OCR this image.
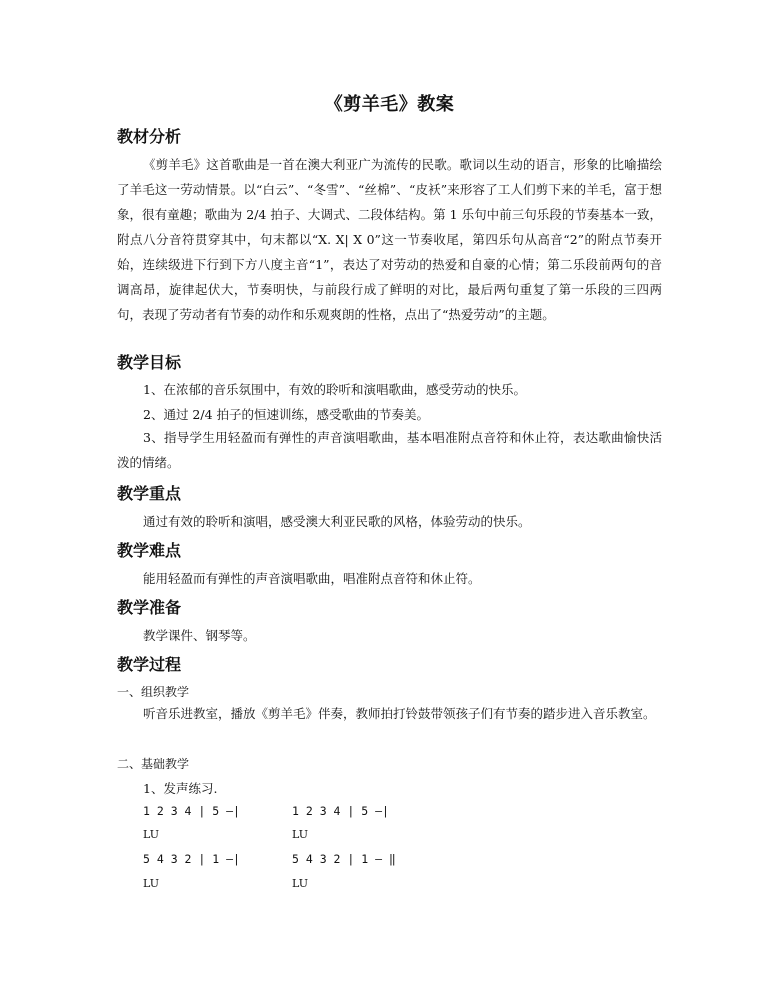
《剪羊毛》教案
教材分析

《剪羊毛》这首歌曲是一首在澳大利亚广为流传的民歌。歌词以生动的语言，形象的比喻描绘了羊毛这一劳动情景。以“白云”、“冬雪”、“丝棉”、“皮袄”来形容了工人们剪下来的羊毛，富于想象，很有童趣；歌曲为 2/4 拍子、大调式、二段体结构。第 1 乐句中前三句乐段的节奏基本一致，附点八分音符贯穿其中，句末都以“X. X| X 0”这一节奏收尾，第四乐句从高音“2”的附点节奏开始，连续级进下行到下方八度主音“1”，表达了对劳动的热爱和自豪的心情；第二乐段前两句的音调高昂，旋律起伏大，节奏明快，与前段行成了鲜明的对比，最后两句重复了第一乐段的三四两句，表现了劳动者有节奏的动作和乐观爽朗的性格，点出了“热爱劳动”的主题。

教学目标
1、在浓郁的音乐氛围中，有效的聆听和演唱歌曲，感受劳动的快乐。
2、通过 2/4 拍子的恒速训练，感受歌曲的节奏美。

3、指导学生用轻盈而有弹性的声音演唱歌曲，基本唱准附点音符和休止符，表达歌曲愉快活泼的情绪。

教学重点
通过有效的聆听和演唱，感受澳大利亚民歌的风格，体验劳动的快乐。
教学难点
能用轻盈而有弹性的声音演唱歌曲，唱准附点音符和休止符。
教学准备
教学课件、钢琴等。
教学过程
一、组织教学

听音乐进教室，播放《剪羊毛》伴奏，教师拍打铃鼓带领孩子们有节奏的踏步进入音乐教室。

二、基础教学
1、发声练习.
1 2 3 4 | 5 —|	1 2 3 4 | 5 —|
LU	LU
5 4 3 2 | 1 —|	5 4 3 2 | 1 — ‖
LU	LU
